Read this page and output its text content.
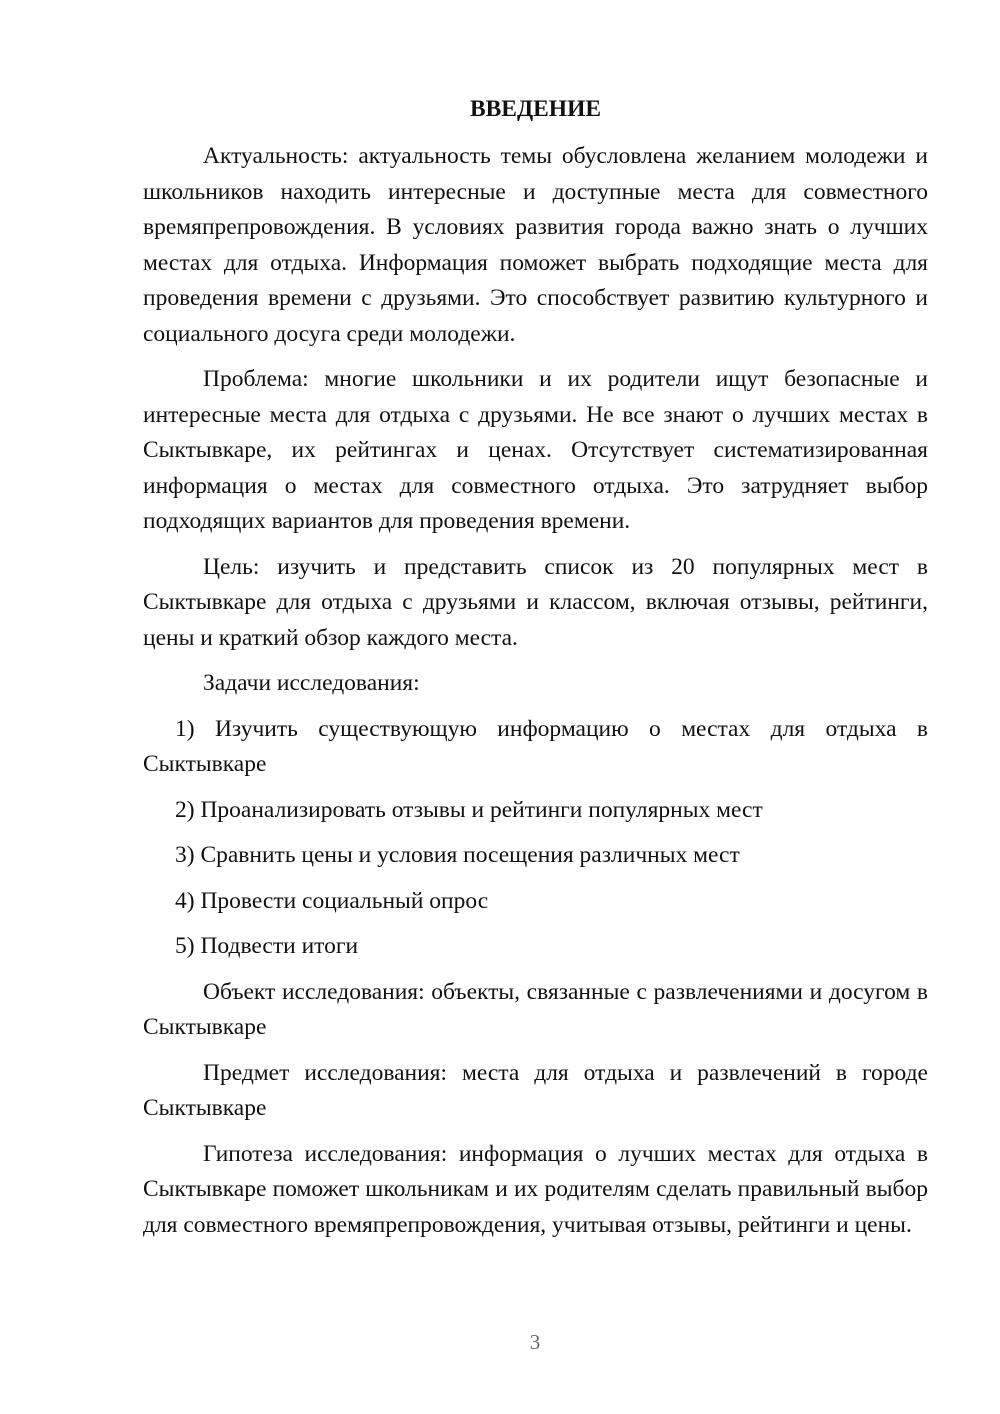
ВВЕДЕНИЕ

Актуальность: актуальность темы обусловлена желанием молодежи и школьников находить интересные и доступные места для совместного времяпрепровождения. В условиях развития города важно знать о лучших местах для отдыха. Информация поможет выбрать подходящие места для проведения времени с друзьями. Это способствует развитию культурного и социального досуга среди молодежи.

Проблема: многие школьники и их родители ищут безопасные и интересные места для отдыха с друзьями. Не все знают о лучших местах в Сыктывкаре, их рейтингах и ценах. Отсутствует систематизированная информация о местах для совместного отдыха. Это затрудняет выбор подходящих вариантов для проведения времени.

Цель: изучить и представить список из 20 популярных мест в Сыктывкаре для отдыха с друзьями и классом, включая отзывы, рейтинги, цены и краткий обзор каждого места.

Задачи исследования:

1) Изучить существующую информацию о местах для отдыха в Сыктывкаре
2) Проанализировать отзывы и рейтинги популярных мест
3) Сравнить цены и условия посещения различных мест
4) Провести социальный опрос
5) Подвести итоги

Объект исследования: объекты, связанные с развлечениями и досугом в Сыктывкаре

Предмет исследования: места для отдыха и развлечений в городе Сыктывкаре

Гипотеза исследования: информация о лучших местах для отдыха в Сыктывкаре поможет школьникам и их родителям сделать правильный выбор для совместного времяпрепровождения, учитывая отзывы, рейтинги и цены.

3
